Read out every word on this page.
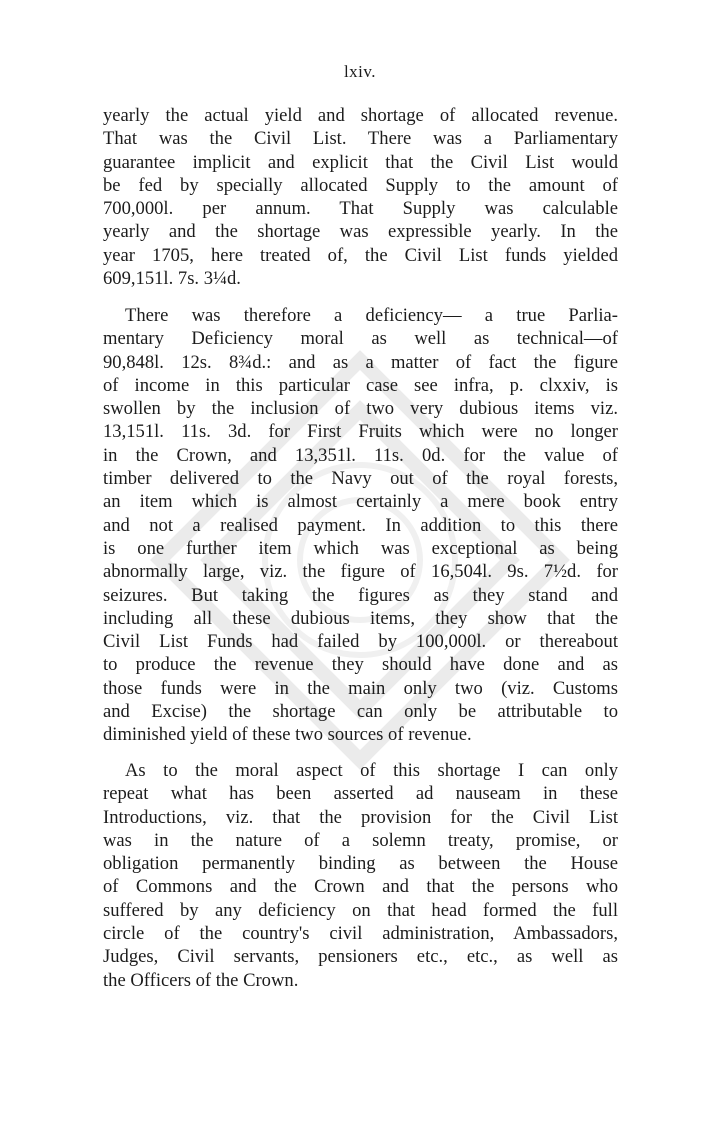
lxiv.
yearly the actual yield and shortage of allocated revenue.
That was the Civil List. There was a Parliamentary
guarantee implicit and explicit that the Civil List would
be fed by specially allocated Supply to the amount of
700,000l. per annum. That Supply was calculable
yearly and the shortage was expressible yearly. In the
year 1705, here treated of, the Civil List funds yielded
609,151l. 7s. 3¼d.
There was therefore a deficiency— a true Parlia-
mentary Deficiency moral as well as technical—of
90,848l. 12s. 8¾d.: and as a matter of fact the figure
of income in this particular case see infra, p. clxxiv, is
swollen by the inclusion of two very dubious items viz.
13,151l. 11s. 3d. for First Fruits which were no longer
in the Crown, and 13,351l. 11s. 0d. for the value of
timber delivered to the Navy out of the royal forests,
an item which is almost certainly a mere book entry
and not a realised payment. In addition to this there
is one further item which was exceptional as being
abnormally large, viz. the figure of 16,504l. 9s. 7½d. for
seizures. But taking the figures as they stand and
including all these dubious items, they show that the
Civil List Funds had failed by 100,000l. or thereabout
to produce the revenue they should have done and as
those funds were in the main only two (viz. Customs
and Excise) the shortage can only be attributable to
diminished yield of these two sources of revenue.
As to the moral aspect of this shortage I can only
repeat what has been asserted ad nauseam in these
Introductions, viz. that the provision for the Civil List
was in the nature of a solemn treaty, promise, or
obligation permanently binding as between the House
of Commons and the Crown and that the persons who
suffered by any deficiency on that head formed the full
circle of the country's civil administration, Ambassadors,
Judges, Civil servants, pensioners etc., etc., as well as
the Officers of the Crown.
